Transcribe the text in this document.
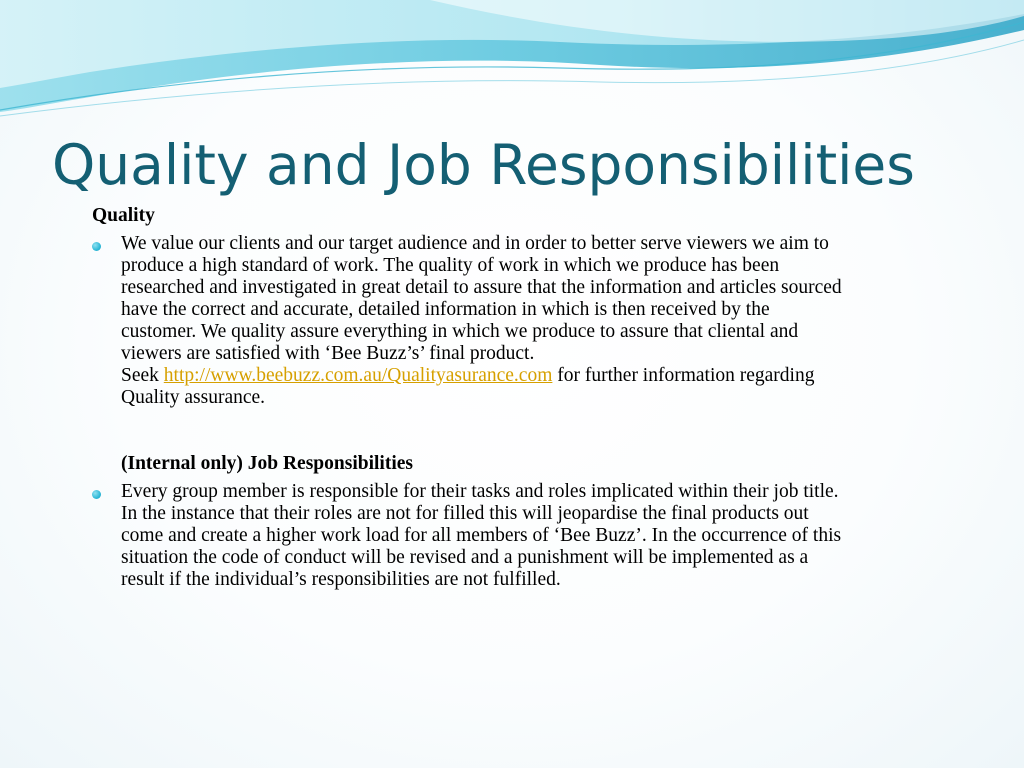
Quality and Job Responsibilities

Quality

We value our clients and our target audience and in order to better serve viewers we aim to produce a high standard of work. The quality of work in which we produce has been researched and investigated in great detail to assure that the information and articles sourced have the correct and accurate, detailed information in which is then received by the customer. We quality assure everything in which we produce to assure that cliental and viewers are satisfied with ‘Bee Buzz’s’ final product.
Seek http://www.beebuzz.com.au/Qualityasurance.com for further information regarding Quality assurance.

(Internal only) Job Responsibilities

Every group member is responsible for their tasks and roles implicated within their job title. In the instance that their roles are not for filled this will jeopardise the final products out come and create a higher work load for all members of ‘Bee Buzz’. In the occurrence of this situation the code of conduct will be revised and a punishment will be implemented as a result if the individual’s responsibilities are not fulfilled.
